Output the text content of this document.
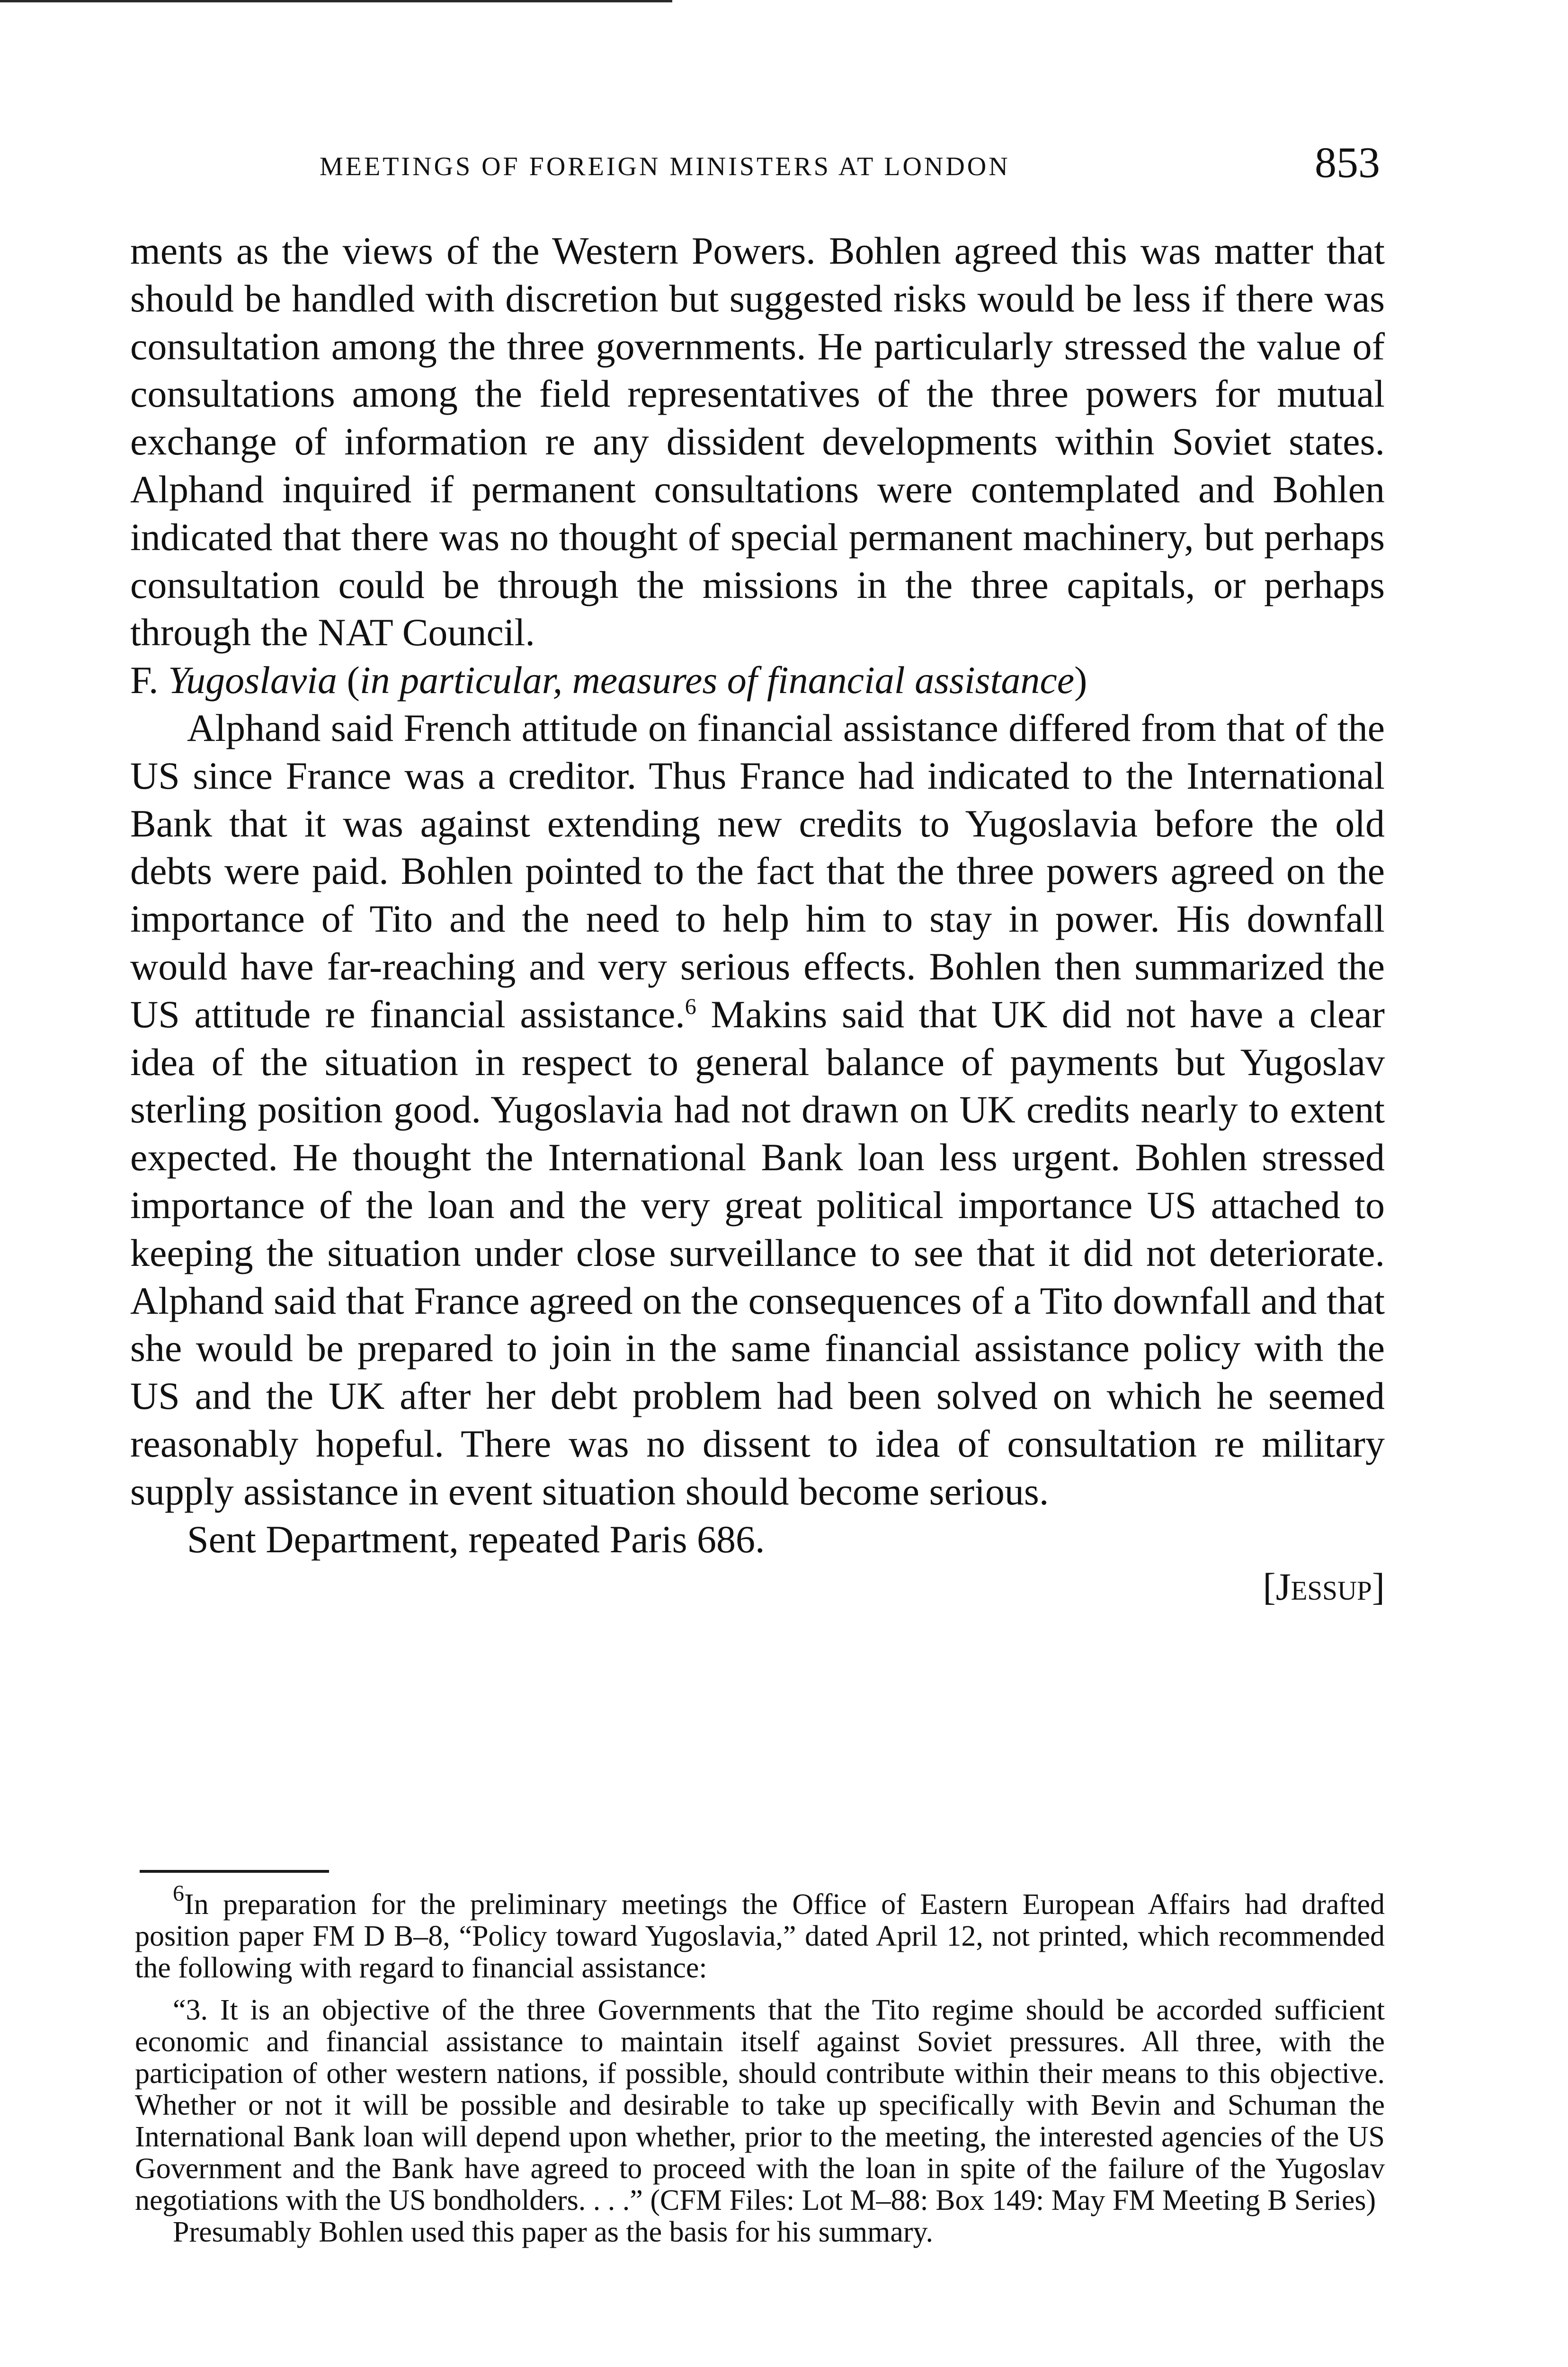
MEETINGS OF FOREIGN MINISTERS AT LONDON	853

ments as the views of the Western Powers. Bohlen agreed this was matter that should be handled with discretion but suggested risks would be less if there was consultation among the three governments. He particularly stressed the value of consultations among the field representatives of the three powers for mutual exchange of information re any dissident developments within Soviet states. Alphand inquired if permanent consultations were contemplated and Bohlen indicated that there was no thought of special permanent machinery, but perhaps consultation could be through the missions in the three capitals, or perhaps through the NAT Council.

F. Yugoslavia (in particular, measures of financial assistance)

Alphand said French attitude on financial assistance differed from that of the US since France was a creditor. Thus France had indicated to the International Bank that it was against extending new credits to Yugoslavia before the old debts were paid. Bohlen pointed to the fact that the three powers agreed on the importance of Tito and the need to help him to stay in power. His downfall would have far-reaching and very serious effects. Bohlen then summarized the US attitude re financial assistance.$^6$ Makins said that UK did not have a clear idea of the situation in respect to general balance of payments but Yugoslav sterling position good. Yugoslavia had not drawn on UK credits nearly to extent expected. He thought the International Bank loan less urgent. Bohlen stressed importance of the loan and the very great political importance US attached to keeping the situation under close surveillance to see that it did not deteriorate. Alphand said that France agreed on the consequences of a Tito downfall and that she would be prepared to join in the same financial assistance policy with the US and the UK after her debt problem had been solved on which he seemed reasonably hopeful. There was no dissent to idea of consultation re military supply assistance in event situation should become serious.

Sent Department, repeated Paris 686.

[Jessup]

$^6$In preparation for the preliminary meetings the Office of Eastern European Affairs had drafted position paper FM D B–8, “Policy toward Yugoslavia,” dated April 12, not printed, which recommended the following with regard to financial assistance:

“3. It is an objective of the three Governments that the Tito regime should be accorded sufficient economic and financial assistance to maintain itself against Soviet pressures. All three, with the participation of other western nations, if possible, should contribute within their means to this objective. Whether or not it will be possible and desirable to take up specifically with Bevin and Schuman the International Bank loan will depend upon whether, prior to the meeting, the interested agencies of the US Government and the Bank have agreed to proceed with the loan in spite of the failure of the Yugoslav negotiations with the US bondholders. . . .” (CFM Files: Lot M–88: Box 149: May FM Meeting B Series)

Presumably Bohlen used this paper as the basis for his summary.
